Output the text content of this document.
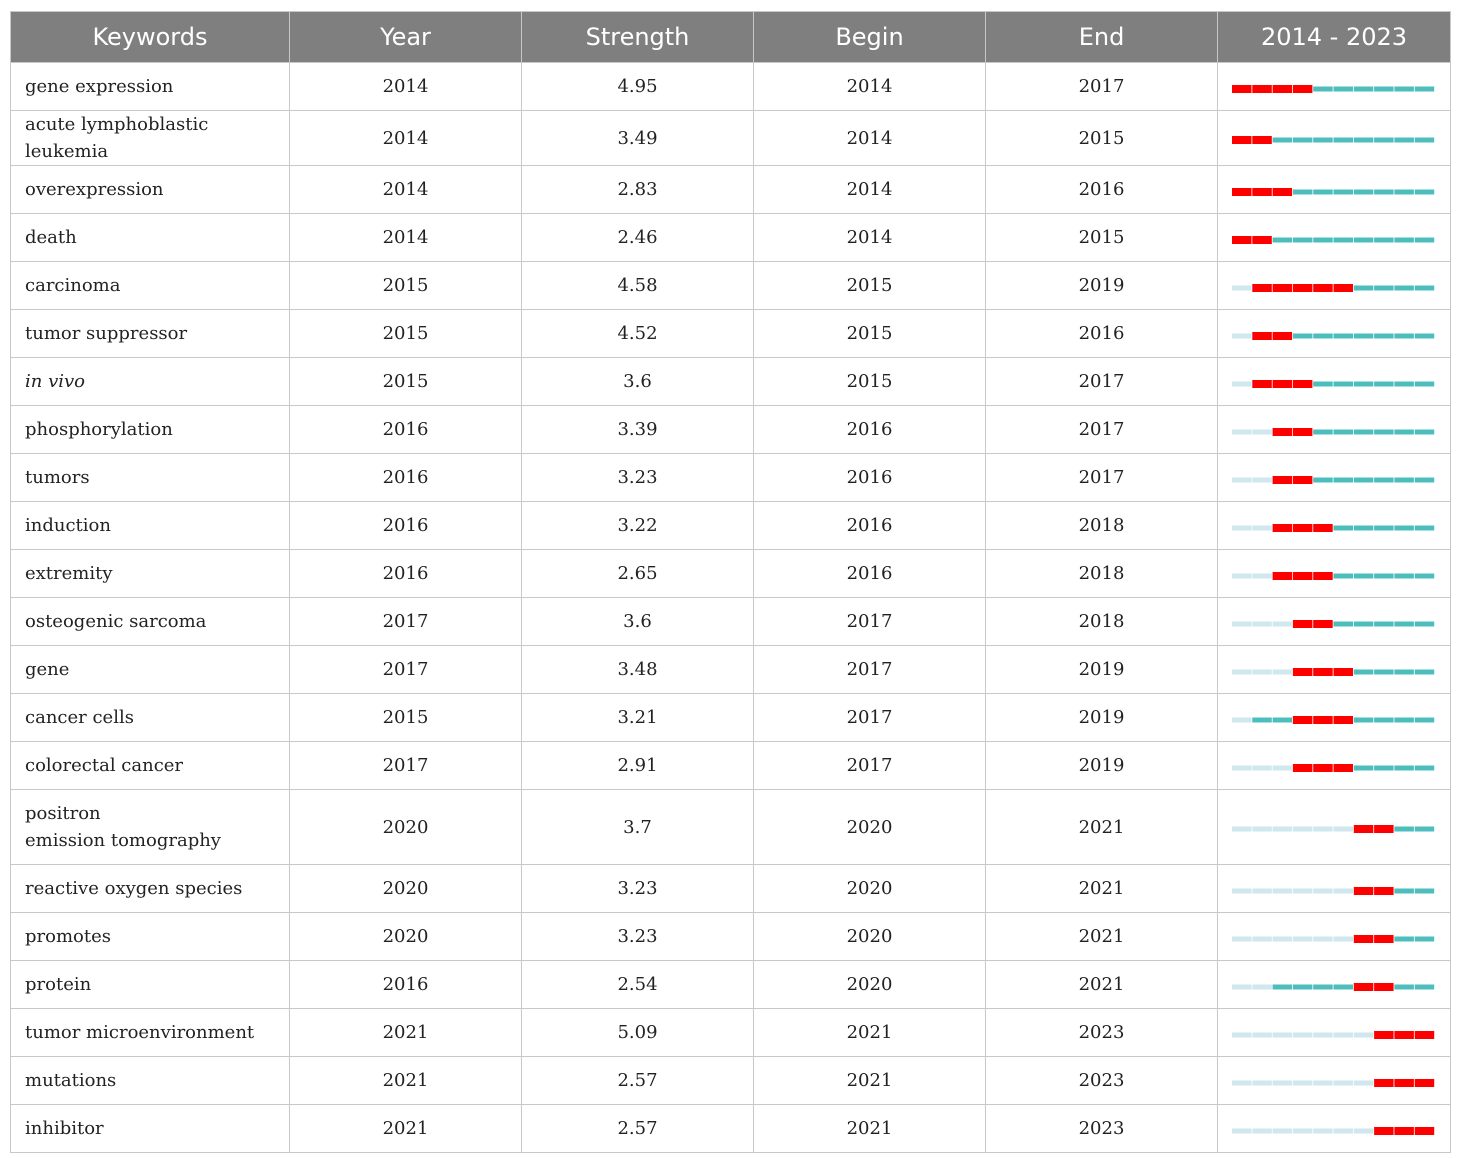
Keywords	Year	Strength	Begin	End	2014 - 2023
gene expression	2014	4.95	2014	2017	

acute lymphoblastic leukemia	2014	3.49	2014	2015	

overexpression	2014	2.83	2014	2016	

death	2014	2.46	2014	2015	

carcinoma	2015	4.58	2015	2019	

tumor suppressor	2015	4.52	2015	2016	

in vivo	2015	3.6	2015	2017	

phosphorylation	2016	3.39	2016	2017	

tumors	2016	3.23	2016	2017	

induction	2016	3.22	2016	2018	

extremity	2016	2.65	2016	2018	

osteogenic sarcoma	2017	3.6	2017	2018	

gene	2017	3.48	2017	2019	

cancer cells	2015	3.21	2017	2019	

colorectal cancer	2017	2.91	2017	2019	

positron
emission tomography	2020	3.7	2020	2021	

reactive oxygen species	2020	3.23	2020	2021	

promotes	2020	3.23	2020	2021	

protein	2016	2.54	2020	2021	

tumor microenvironment	2021	5.09	2021	2023	

mutations	2021	2.57	2021	2023	

inhibitor	2021	2.57	2021	2023	
